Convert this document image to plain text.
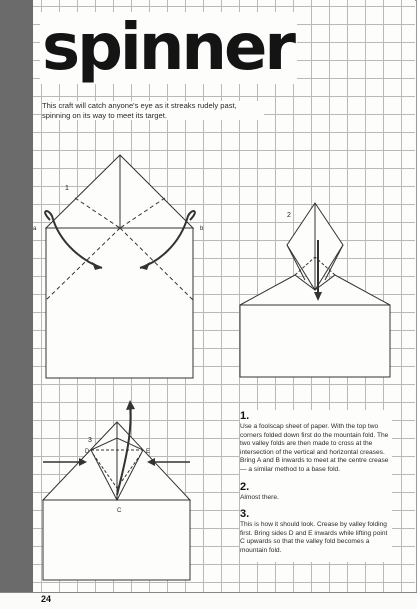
spinner

This craft will catch anyone's eye as it streaks rudely past, spinning on its way to meet its target.

1
a	b
2
3
D	E
C
1.

Use a foolscap sheet of paper. With the top two corners folded down first do the mountain fold. The two valley folds are then made to cross at the intersection of the vertical and horizontal creases. Bring A and B inwards to meet at the centre crease — a similar method to a base fold.

2.

Almost there.

3.

This is how it should look. Crease by valley folding first. Bring sides D and E inwards while lifting point C upwards so that the valley fold becomes a mountain fold.

24
